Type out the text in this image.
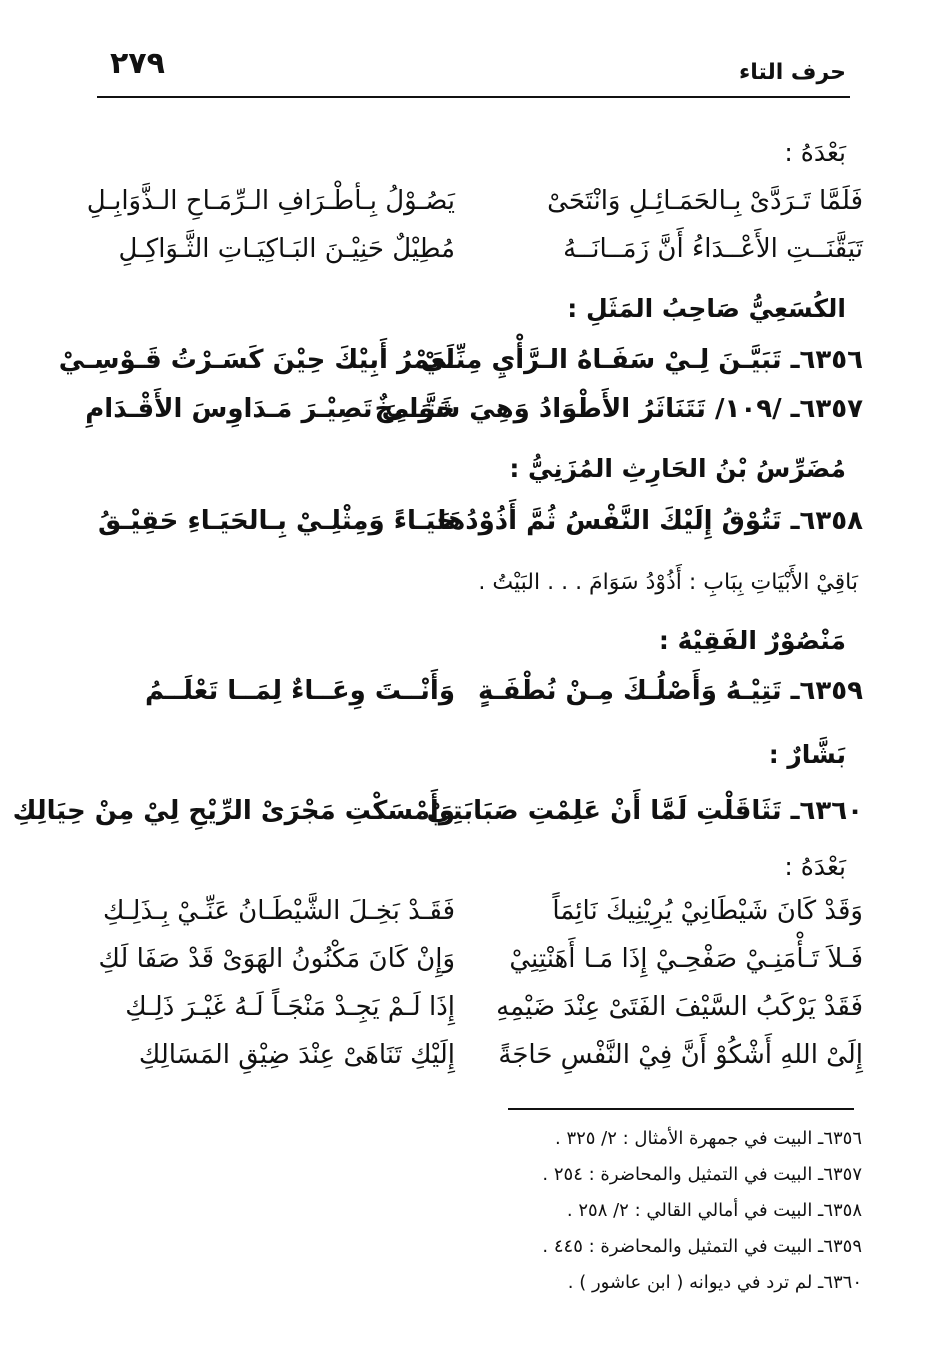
٢٧٩	حرف التاء
بَعْدَهُ :
فَلَمَّا تَـرَدَّىْ بِـالحَمَـائِـلِ وَانْتَحَىْ
يَصُـوْلُ بِـأطْـرَافِ الـرِّمَـاحِ الـذَّوَابِـلِ
تَيَقَّنَــتِ الأَعْــدَاءُ أَنَّ زَمَــانَــهُ
مُطِيْلٌ حَنِيْـنَ البَـاكِيَـاتِ الثَّـوَاكِـلِ
الكُسَعِيُّ صَاحِبُ المَثَلِ :
٦٣٥٦ـ تَبَيَّـنَ لِـيْ سَفَـاهُ الـرَّأْيِ مِنِّـيْ
لَعَمْرُ أَبِيْكَ حِيْنَ كَسَـرْتُ قَـوْسِـيْ
٦٣٥٧ـ /١٠٩/ تَتَنَاثَرُ الأَطْوَادُ وَهِيَ شَوَامِخٌ
حَتَّــىَ تَصِيْـرَ مَـدَاوِسَ الأَقْـدَامِ
مُضَرِّسُ بْنُ الحَارِثِ المُزَنِيُّ :
٦٣٥٨ـ تَتُوْقُ إِلَيْكَ النَّفْسُ ثُمَّ أَذُوْدُهَا
حَيَـاءً وَمِثْلِـيْ بِـالحَيَـاءِ حَقِيْـقُ
بَاقِيْ الأَبْيَاتِ بِبَابِ : أَذُوْدُ سَوَامَ . . . البَيْتُ .
مَنْصُوْرٌ الفَقِيْهُ :
٦٣٥٩ـ تَتِيْـهُ وَأَصْلُـكَ مِـنْ نُطْفَـةٍ
وَأَنْــتَ وِعَــاءٌ لِمَــا تَعْلَــمُ
بَشَّارٌ :
٦٣٦٠ـ تَثَاقَلْتِ لَمَّا أَنْ عَلِمْتِ صَبَابَتِيْ
وَأَمْسَكْتِ مَجْرَىْ الرِّيْحِ لِيْ مِنْ حِيَالِكِ
بَعْدَهُ :
وَقَدْ كَانَ شَيْطَانِيْ يُرِيْنِيكَ نَائِمَاً
فَقَـدْ بَخِـلَ الشَّيْطَـانُ عَنِّـيْ بِـذَلِـكِ
فَـلاَ تَـأْمَنِـيْ صَفْحِـيْ إِذَا مَـا أَهَنْتِنِيْ
وَإِنْ كَانَ مَكْنُونُ الهَوَىْ قَدْ صَفَا لَكِ
فَقَدْ يَرْكَبُ السَّيْفَ الفَتَىْ عِنْدَ ضَيْمِهِ
إِذَا لَـمْ يَجِـدْ مَنْجَـاً لَـهُ غَيْـرَ ذَلِـكِ
إِلَىْ اللهِ أَشْكُوْ أَنَّ فِيْ النَّفْسِ حَاجَةً
إِلَيْكِ تَنَاهَىْ عِنْدَ ضِيْقِ المَسَالِكِ
٦٣٥٦ـ البيت في جمهرة الأمثال : ٢/ ٣٢٥ .
٦٣٥٧ـ البيت في التمثيل والمحاضرة : ٢٥٤ .
٦٣٥٨ـ البيت في أمالي القالي : ٢/ ٢٥٨ .
٦٣٥٩ـ البيت في التمثيل والمحاضرة : ٤٤٥ .
٦٣٦٠ـ لم ترد في ديوانه ( ابن عاشور ) .
